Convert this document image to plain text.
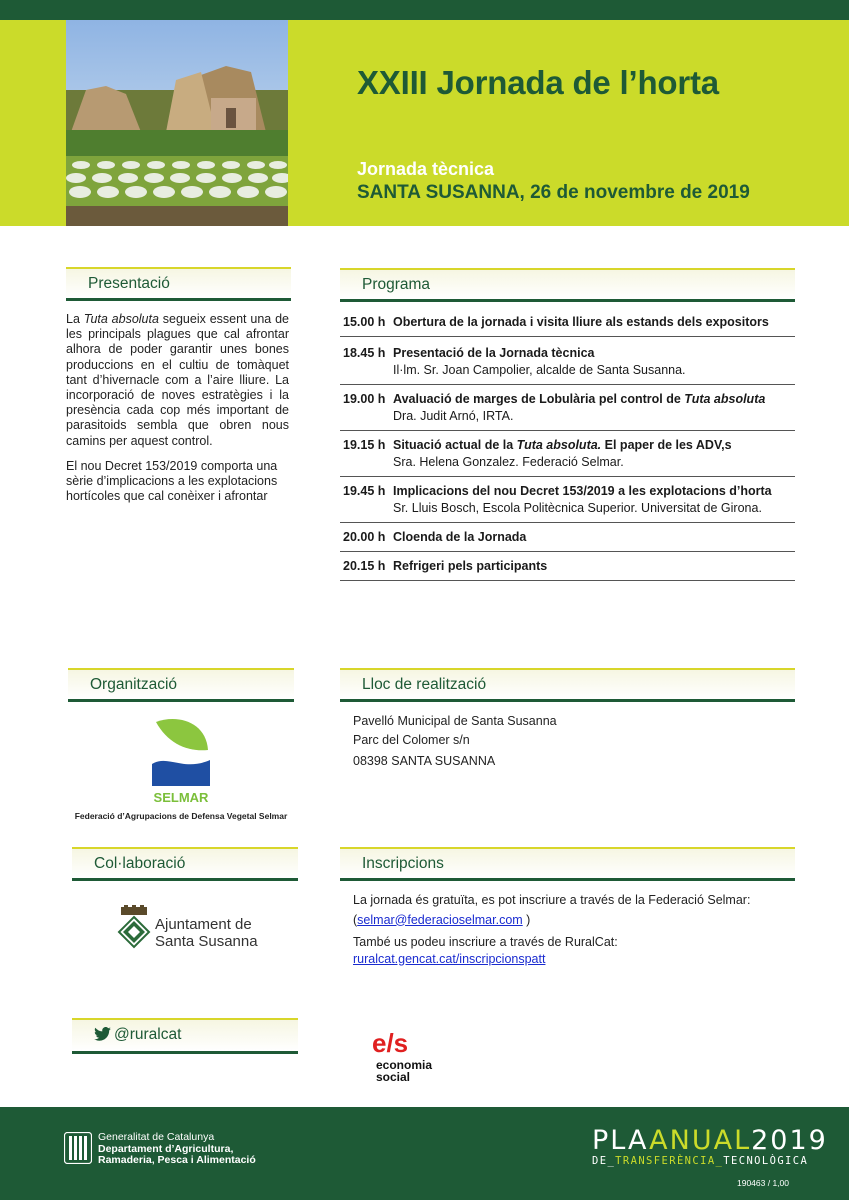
XXIII Jornada de l’horta
Jornada tècnica
SANTA SUSANNA, 26 de novembre de 2019
Presentació

La Tuta absoluta segueix essent una de les principals plagues que cal afrontar alhora de poder garantir unes bones produccions en el cultiu de tomàquet tant d’hivernacle com a l’aire lliure. La incorporació de noves estratègies i la presència cada cop més important de parasitoids sembla que obren nous camins per aquest control.

El nou Decret 153/2019 comporta una sèrie d’implicacions a les explotacions hortícoles que cal conèixer i afrontar

Programa
15.00 h Obertura de la jornada i visita lliure als estands dels expositors
18.45 h Presentació de la Jornada tècnica
Il·lm. Sr. Joan Campolier, alcalde de Santa Susanna.
19.00 h Avaluació de marges de Lobulària pel control de Tuta absoluta
Dra. Judit Arnó, IRTA.
19.15 h Situació actual de la Tuta absoluta. El paper de les ADV,s
Sra. Helena Gonzalez. Federació Selmar.
19.45 h Implicacions del nou Decret 153/2019 a les explotacions d’horta
Sr. Lluis Bosch, Escola Politècnica Superior. Universitat de Girona.
20.00 h Cloenda de la Jornada
20.15 h Refrigeri pels participants
Organització
SELMAR
Federació d’Agrupacions de Defensa Vegetal Selmar
Lloc de realització
Pavelló Municipal de Santa Susanna
Parc del Colomer s/n
08398 SANTA SUSANNA
Col·laboració
Ajuntament de
Santa Susanna
Inscripcions
La jornada és gratuïta, es pot inscriure a través de la Federació Selmar:
(selmar@federacioselmar.com )
També us podeu inscriure a través de RuralCat:
ruralcat.gencat.cat/inscripcionspatt
@ruralcat	e/s
economia
social
Generalitat de Catalunya
Departament d’Agricultura,
Ramaderia, Pesca i Alimentació
PLAANUAL2019
DE_TRANSFERÈNCIA_TECNOLÒGICA
190463 / 1,00
